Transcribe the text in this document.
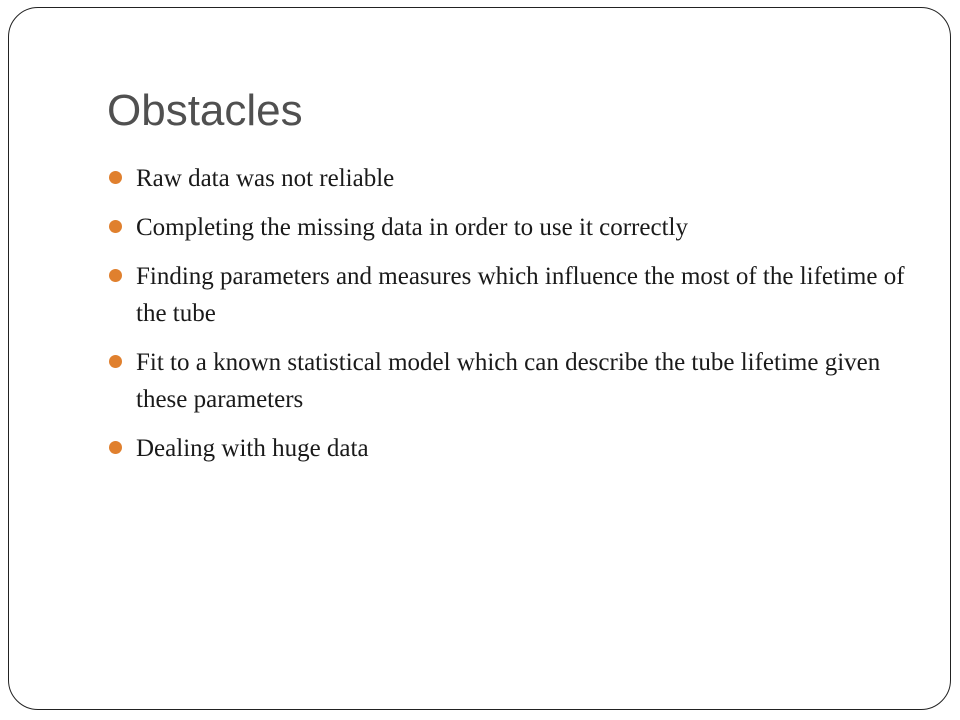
Obstacles
Raw data was not reliable
Completing the missing data in order to use it correctly
Finding parameters and measures which influence the most of the lifetime of the tube
Fit to a known statistical model which can describe the tube lifetime given these parameters
Dealing with huge data
